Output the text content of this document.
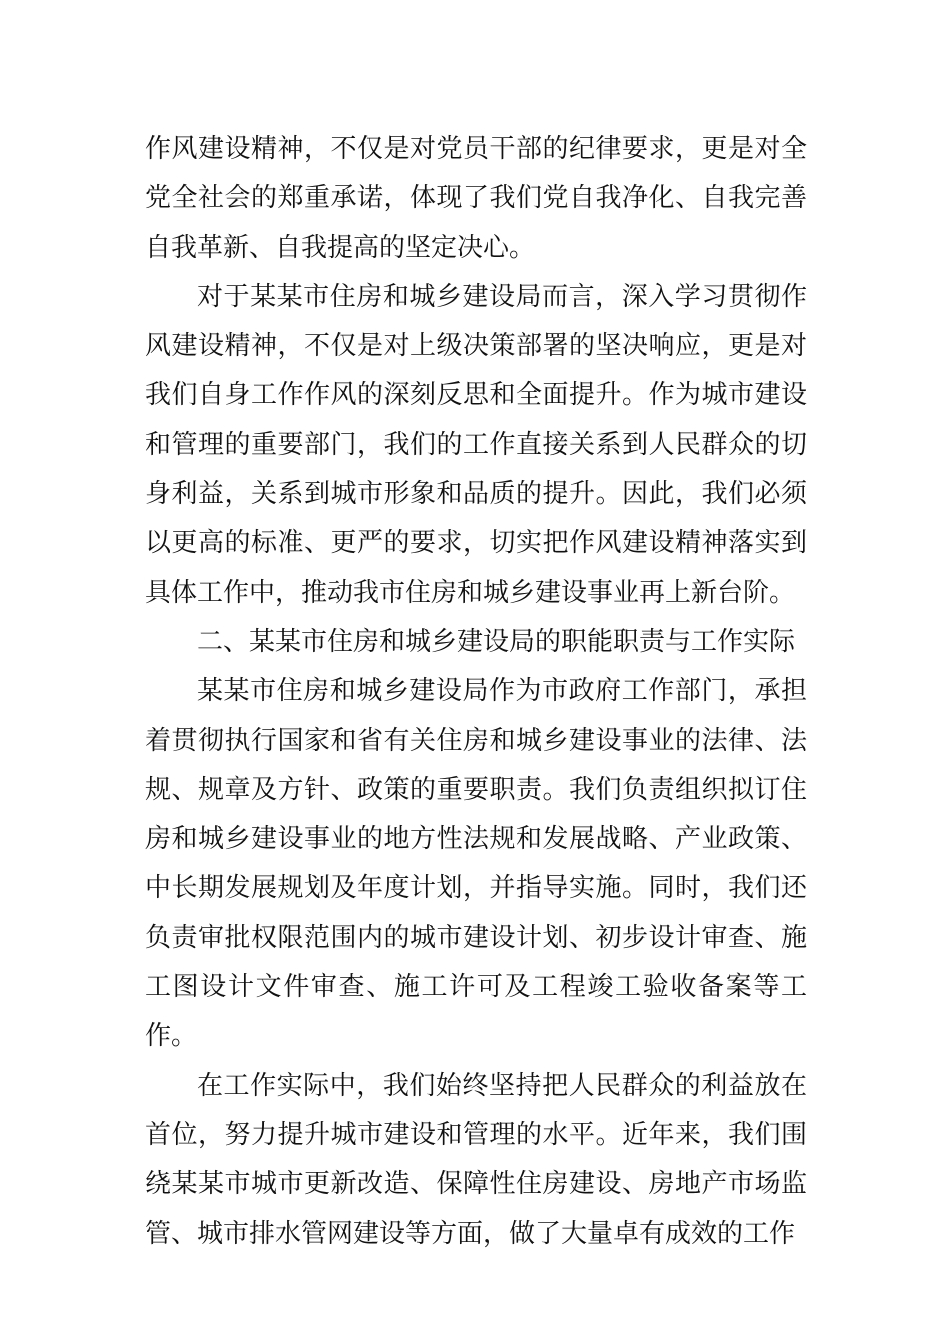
作风建设精神，不仅是对党员干部的纪律要求，更是对全党全社会的郑重承诺，体现了我们党自我净化、自我完善自我革新、自我提高的坚定决心。

对于某某市住房和城乡建设局而言，深入学习贯彻作风建设精神，不仅是对上级决策部署的坚决响应，更是对我们自身工作作风的深刻反思和全面提升。作为城市建设和管理的重要部门，我们的工作直接关系到人民群众的切身利益，关系到城市形象和品质的提升。因此，我们必须以更高的标准、更严的要求，切实把作风建设精神落实到具体工作中，推动我市住房和城乡建设事业再上新台阶。

二、某某市住房和城乡建设局的职能职责与工作实际

某某市住房和城乡建设局作为市政府工作部门，承担着贯彻执行国家和省有关住房和城乡建设事业的法律、法规、规章及方针、政策的重要职责。我们负责组织拟订住房和城乡建设事业的地方性法规和发展战略、产业政策、中长期发展规划及年度计划，并指导实施。同时，我们还负责审批权限范围内的城市建设计划、初步设计审查、施工图设计文件审查、施工许可及工程竣工验收备案等工作。

在工作实际中，我们始终坚持把人民群众的利益放在首位，努力提升城市建设和管理的水平。近年来，我们围绕某某市城市更新改造、保障性住房建设、房地产市场监管、城市排水管网建设等方面，做了大量卓有成效的工作
